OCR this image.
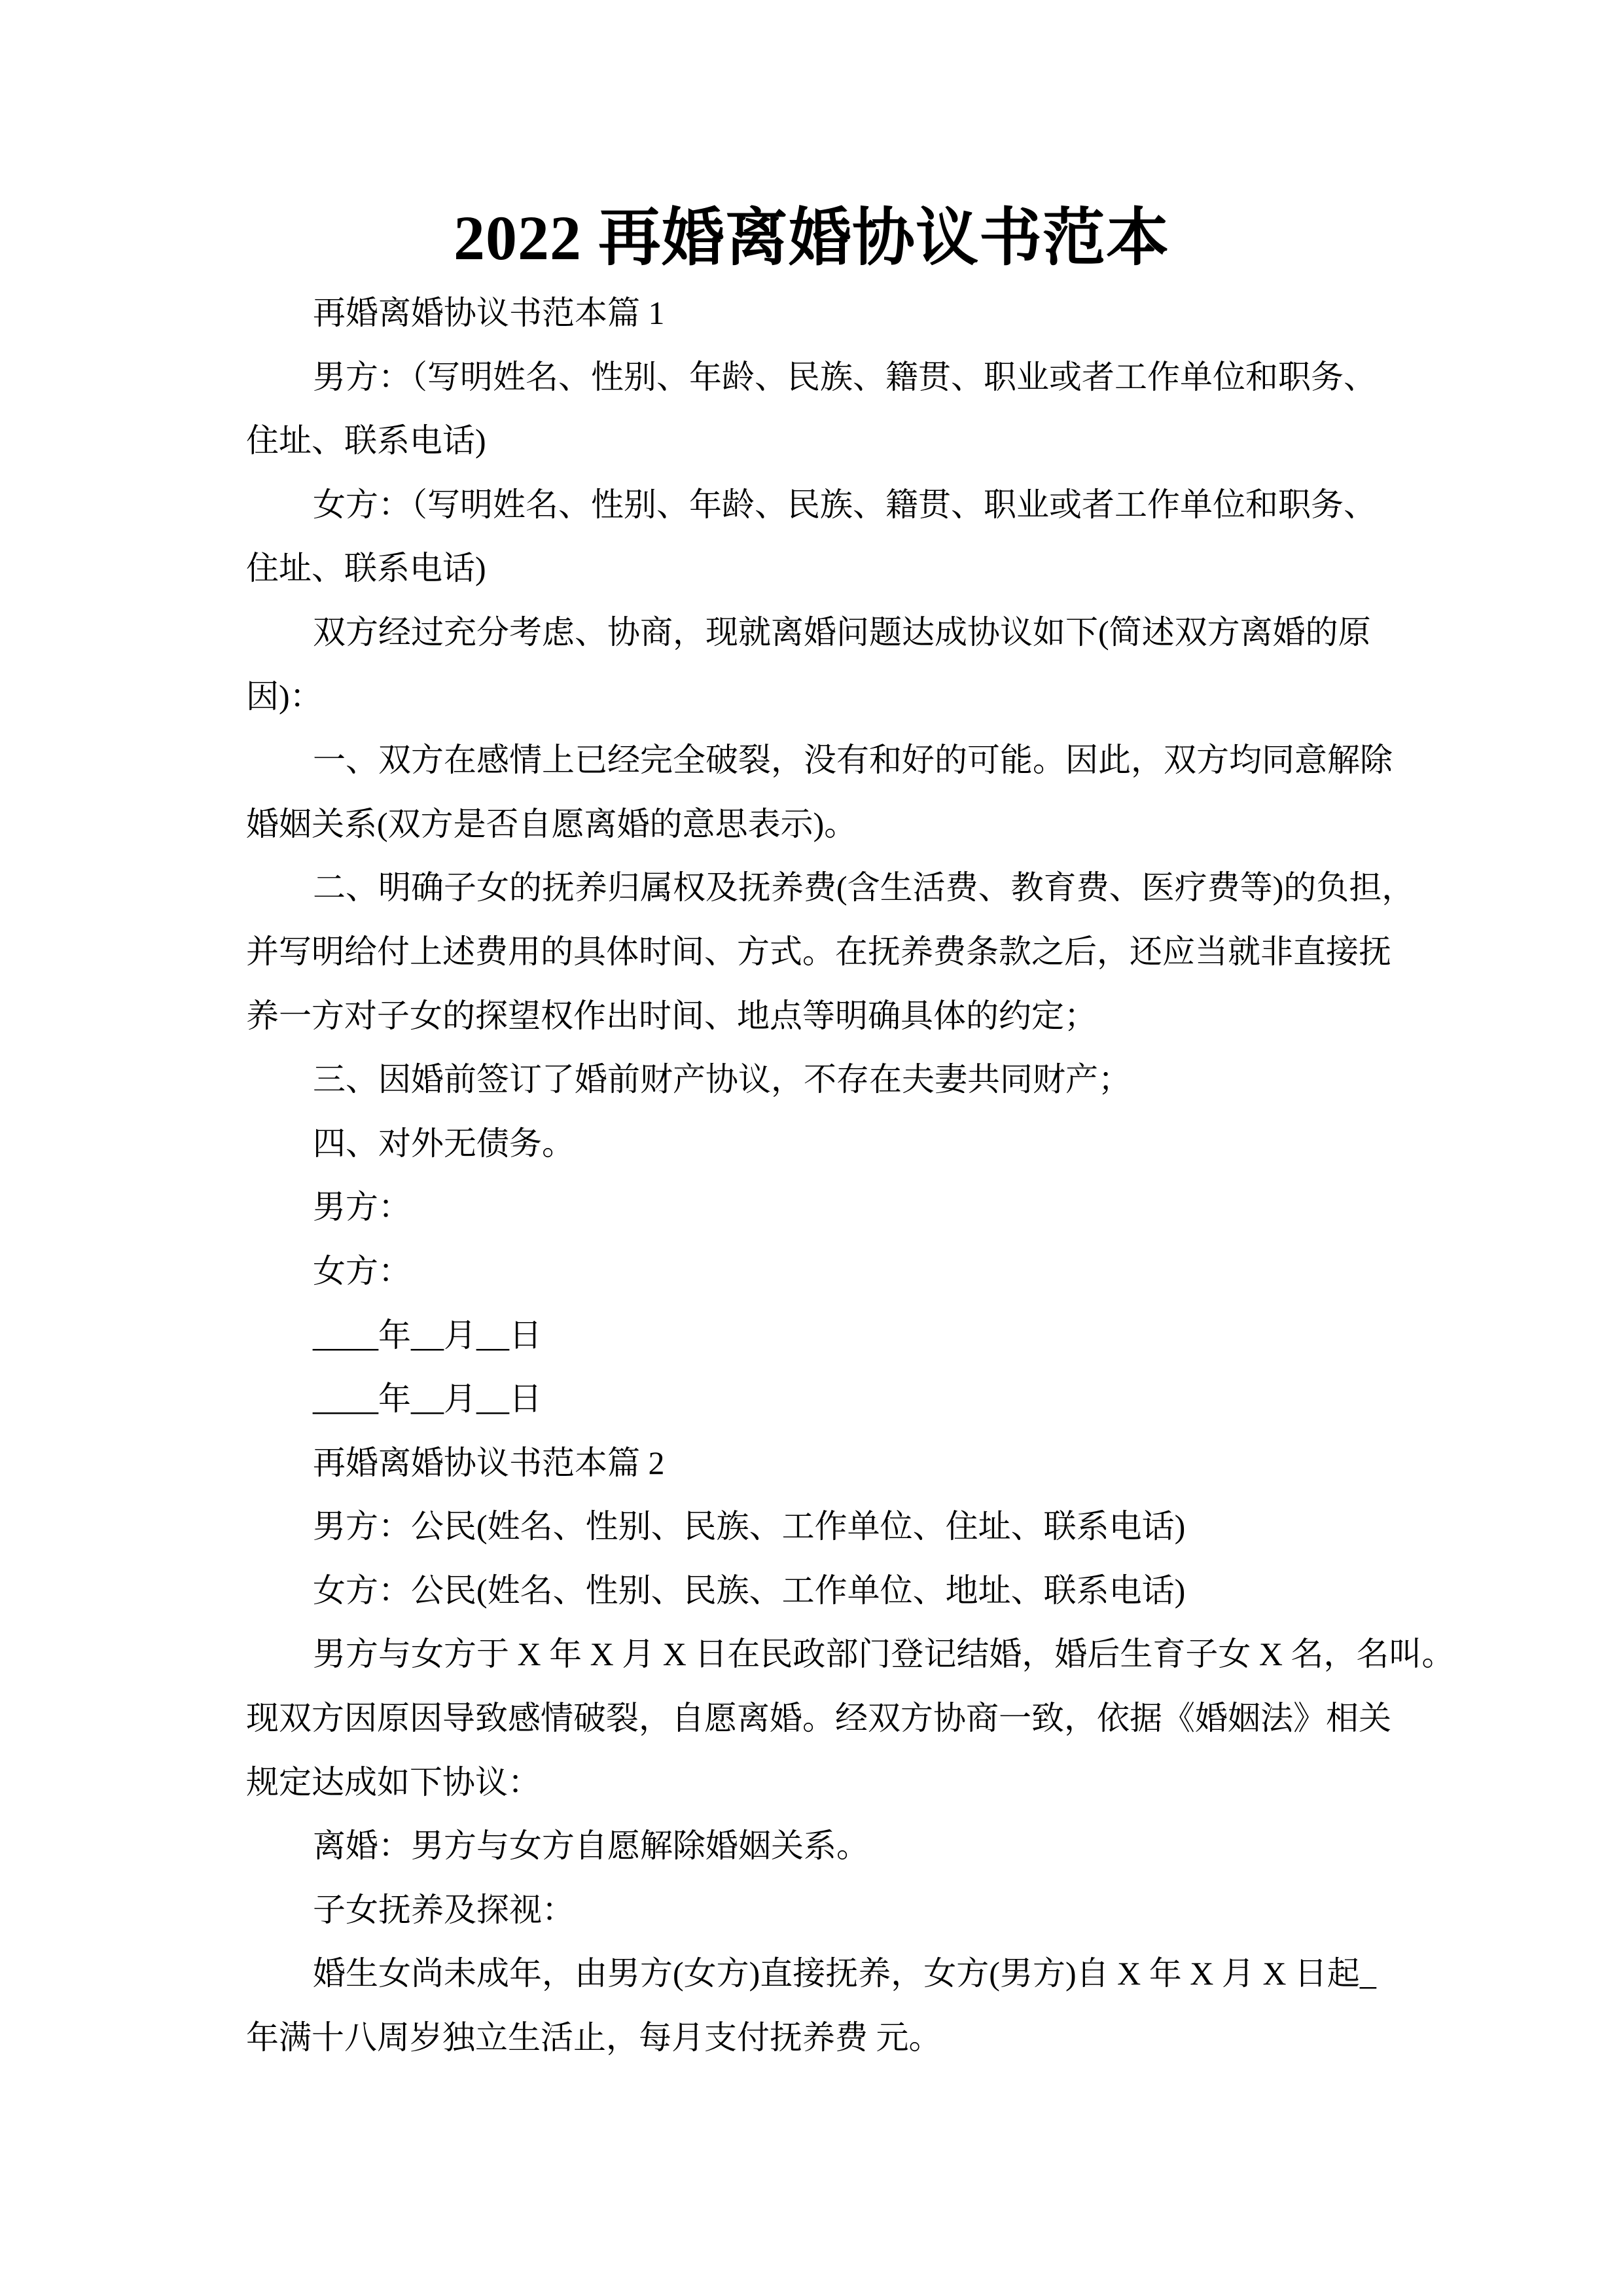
2022 再婚离婚协议书范本
再婚离婚协议书范本篇 1
男方：（写明姓名、性别、年龄、民族、籍贯、职业或者工作单位和职务、
住址、联系电话)
女方：（写明姓名、性别、年龄、民族、籍贯、职业或者工作单位和职务、
住址、联系电话)
双方经过充分考虑、协商，现就离婚问题达成协议如下(简述双方离婚的原
因)：
一、双方在感情上已经完全破裂，没有和好的可能。因此，双方均同意解除
婚姻关系(双方是否自愿离婚的意思表示)。
二、明确子女的抚养归属权及抚养费(含生活费、教育费、医疗费等)的负担，
并写明给付上述费用的具体时间、方式。在抚养费条款之后，还应当就非直接抚
养一方对子女的探望权作出时间、地点等明确具体的约定；
三、因婚前签订了婚前财产协议，不存在夫妻共同财产；
四、对外无债务。
男方：
女方：
____年__月__日
____年__月__日
再婚离婚协议书范本篇 2
男方：公民(姓名、性别、民族、工作单位、住址、联系电话)
女方：公民(姓名、性别、民族、工作单位、地址、联系电话)
男方与女方于 X 年 X 月 X 日在民政部门登记结婚，婚后生育子女 X 名，名叫。
现双方因原因导致感情破裂，自愿离婚。经双方协商一致，依据《婚姻法》相关
规定达成如下协议：
离婚：男方与女方自愿解除婚姻关系。
子女抚养及探视：
婚生女尚未成年，由男方(女方)直接抚养，女方(男方)自 X 年 X 月 X 日起_
年满十八周岁独立生活止，每月支付抚养费 元。
